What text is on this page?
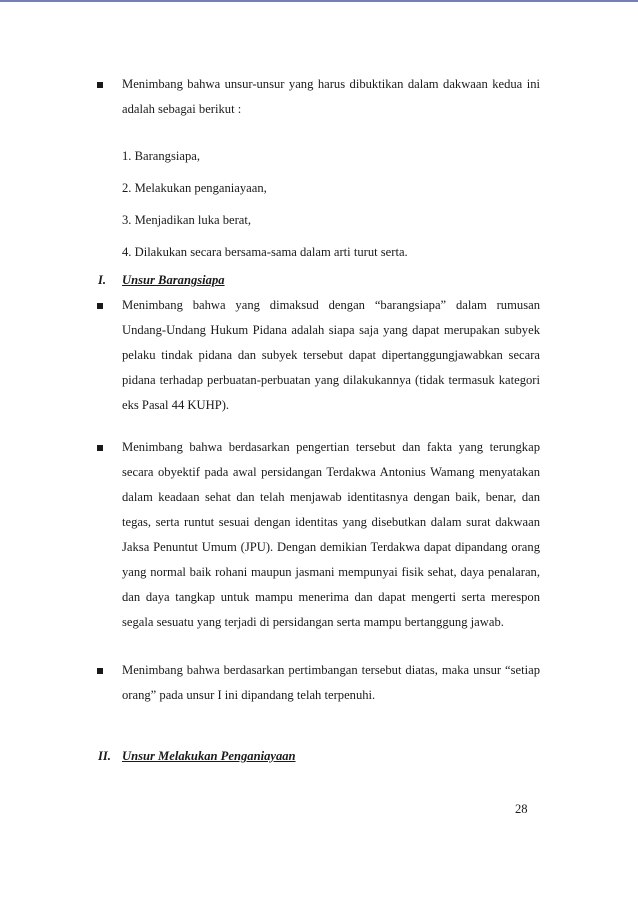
Menimbang bahwa unsur-unsur yang harus dibuktikan dalam dakwaan kedua ini adalah sebagai berikut :
1. Barangsiapa,
2. Melakukan penganiayaan,
3. Menjadikan luka berat,
4. Dilakukan secara bersama-sama dalam arti turut serta.
I. Unsur Barangsiapa
Menimbang bahwa yang dimaksud dengan “barangsiapa” dalam rumusan Undang-Undang Hukum Pidana adalah siapa saja yang dapat merupakan subyek pelaku tindak pidana dan subyek tersebut dapat dipertanggungjawabkan secara pidana terhadap perbuatan-perbuatan yang dilakukannya (tidak termasuk kategori eks Pasal 44 KUHP).
Menimbang bahwa berdasarkan pengertian tersebut dan fakta yang terungkap secara obyektif pada awal persidangan Terdakwa Antonius Wamang menyatakan dalam keadaan sehat dan telah menjawab identitasnya dengan baik, benar, dan tegas, serta runtut sesuai dengan identitas yang disebutkan dalam surat dakwaan Jaksa Penuntut Umum (JPU). Dengan demikian Terdakwa dapat dipandang orang yang normal baik rohani maupun jasmani mempunyai fisik sehat, daya penalaran, dan daya tangkap untuk mampu menerima dan dapat mengerti serta merespon segala sesuatu yang terjadi di persidangan serta mampu bertanggung jawab.
Menimbang bahwa berdasarkan pertimbangan tersebut diatas, maka unsur “setiap orang” pada unsur I ini dipandang telah terpenuhi.
II. Unsur Melakukan Penganiayaan
28
